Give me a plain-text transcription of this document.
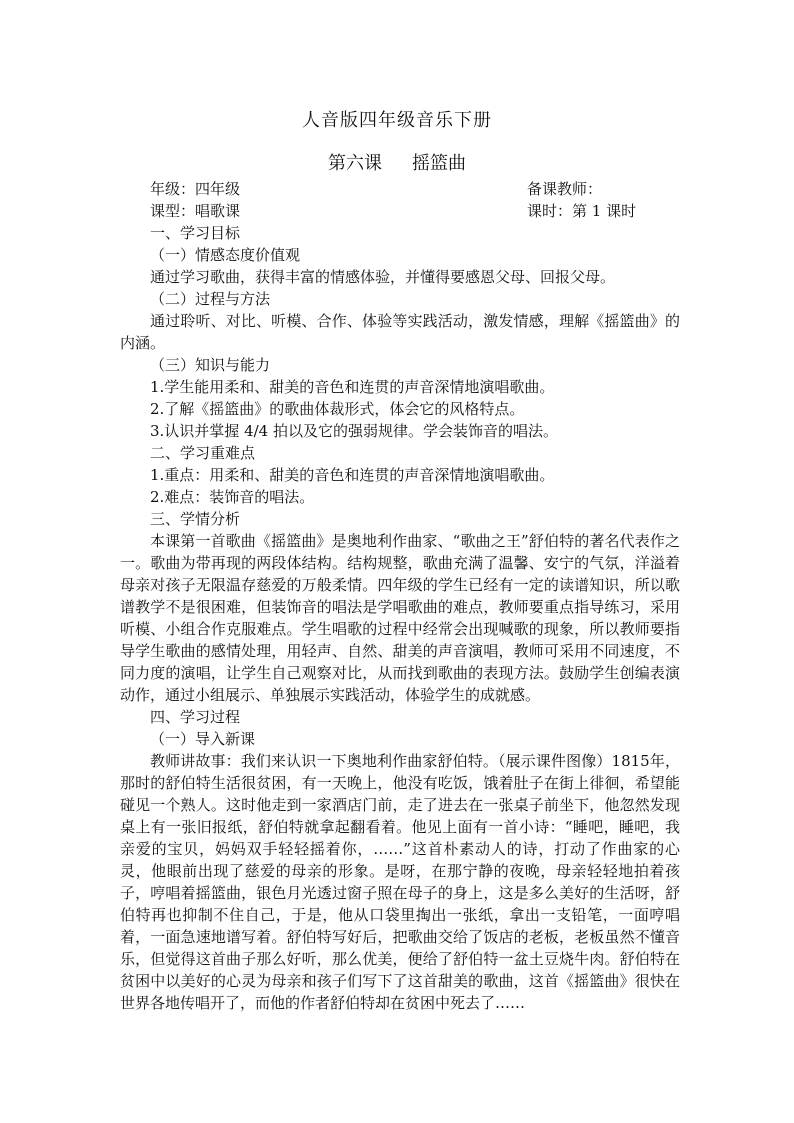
人音版四年级音乐下册
第六课 摇篮曲
年级：四年级	备课教师：
课型：唱歌课	课时：第 1 课时

一、学习目标

（一）情感态度价值观

通过学习歌曲，获得丰富的情感体验，并懂得要感恩父母、回报父母。

（二）过程与方法

通过聆听、对比、听模、合作、体验等实践活动，激发情感，理解《摇篮曲》的内涵。

（三）知识与能力

1.学生能用柔和、甜美的音色和连贯的声音深情地演唱歌曲。

2.了解《摇篮曲》的歌曲体裁形式，体会它的风格特点。

3.认识并掌握 4/4 拍以及它的强弱规律。学会装饰音的唱法。

二、学习重难点

1.重点：用柔和、甜美的音色和连贯的声音深情地演唱歌曲。

2.难点：装饰音的唱法。

三、学情分析

本课第一首歌曲《摇篮曲》是奥地利作曲家、“歌曲之王”舒伯特的著名代表作之一。歌曲为带再现的两段体结构。结构规整，歌曲充满了温馨、安宁的气氛，洋溢着母亲对孩子无限温存慈爱的万般柔情。四年级的学生已经有一定的读谱知识，所以歌谱教学不是很困难，但装饰音的唱法是学唱歌曲的难点，教师要重点指导练习，采用听模、小组合作克服难点。学生唱歌的过程中经常会出现喊歌的现象，所以教师要指导学生歌曲的感情处理，用轻声、自然、甜美的声音演唱，教师可采用不同速度，不同力度的演唱，让学生自己观察对比，从而找到歌曲的表现方法。鼓励学生创编表演动作，通过小组展示、单独展示实践活动，体验学生的成就感。

四、学习过程

（一）导入新课

教师讲故事：我们来认识一下奥地利作曲家舒伯特。（展示课件图像）1815年，那时的舒伯特生活很贫困，有一天晚上，他没有吃饭，饿着肚子在街上徘徊，希望能碰见一个熟人。这时他走到一家酒店门前，走了进去在一张桌子前坐下，他忽然发现桌上有一张旧报纸，舒伯特就拿起翻看着。他见上面有一首小诗：“睡吧，睡吧，我亲爱的宝贝，妈妈双手轻轻摇着你，……”这首朴素动人的诗，打动了作曲家的心灵，他眼前出现了慈爱的母亲的形象。是呀，在那宁静的夜晚，母亲轻轻地拍着孩子，哼唱着摇篮曲，银色月光透过窗子照在母子的身上，这是多么美好的生活呀，舒伯特再也抑制不住自己，于是，他从口袋里掏出一张纸，拿出一支铅笔，一面哼唱着，一面急速地谱写着。舒伯特写好后，把歌曲交给了饭店的老板，老板虽然不懂音乐，但觉得这首曲子那么好听，那么优美，便给了舒伯特一盆土豆烧牛肉。舒伯特在贫困中以美好的心灵为母亲和孩子们写下了这首甜美的歌曲，这首《摇篮曲》很快在世界各地传唱开了，而他的作者舒伯特却在贫困中死去了……
